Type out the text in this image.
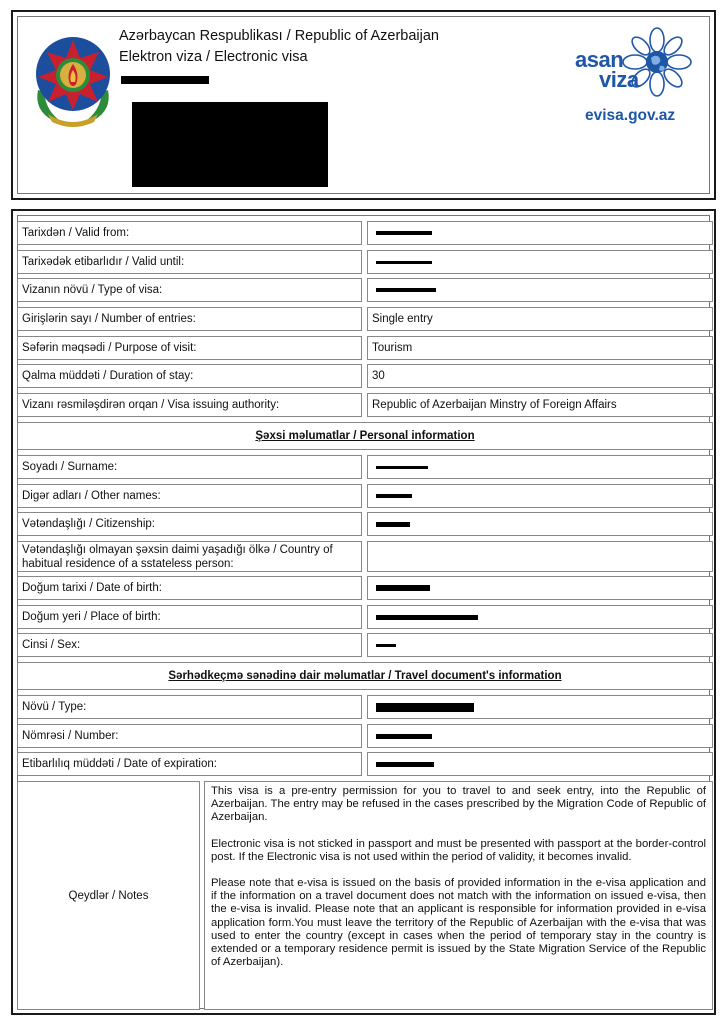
Azərbaycan Respublikası / Republic of Azerbaijan
Elektron viza / Electronic visa	asan
viza
evisa.gov.az
Tarixdən / Valid from:
Tarixədək etibarlıdır / Valid until:
Vizanın növü / Type of visa:
Girişlərin sayı / Number of entries:	Single entry
Səfərin məqsədi / Purpose of visit:	Tourism
Qalma müddəti / Duration of stay:	30
Vizanı rəsmiləşdirən orqan / Visa issuing authority:	Republic of Azerbaijan Minstry of Foreign Affairs
Şəxsi məlumatlar / Personal information
Soyadı / Surname:
Digər adları / Other names:
Vətəndaşlığı / Citizenship:
Vətəndaşlığı olmayan şəxsin daimi yaşadığı ölkə / Country of habitual residence of a sstateless person:
Doğum tarixi / Date of birth:
Doğum yeri / Place of birth:
Cinsi / Sex:
Sərhədkeçmə sənədinə dair məlumatlar / Travel document's information
Növü / Type:
Nömrəsi / Number:
Etibarlılıq müddəti / Date of expiration:
Qeydlər / Notes

This visa is a pre-entry permission for you to travel to and seek entry, into the Republic of Azerbaijan. The entry may be refused in the cases prescribed by the Migration Code of Republic of Azerbaijan.

Electronic visa is not sticked in passport and must be presented with passport at the border-control post. If the Electronic visa is not used within the period of validity, it becomes invalid.

Please note that e-visa is issued on the basis of provided information in the e-visa application and if the information on a travel document does not match with the information on issued e-visa, then the e-visa is invalid. Please note that an applicant is responsible for information provided in e-visa application form.You must leave the territory of the Republic of Azerbaijan with the e-visa that was used to enter the country (except in cases when the period of temporary stay in the country is extended or a temporary residence permit is issued by the State Migration Service of the Republic of Azerbaijan).
